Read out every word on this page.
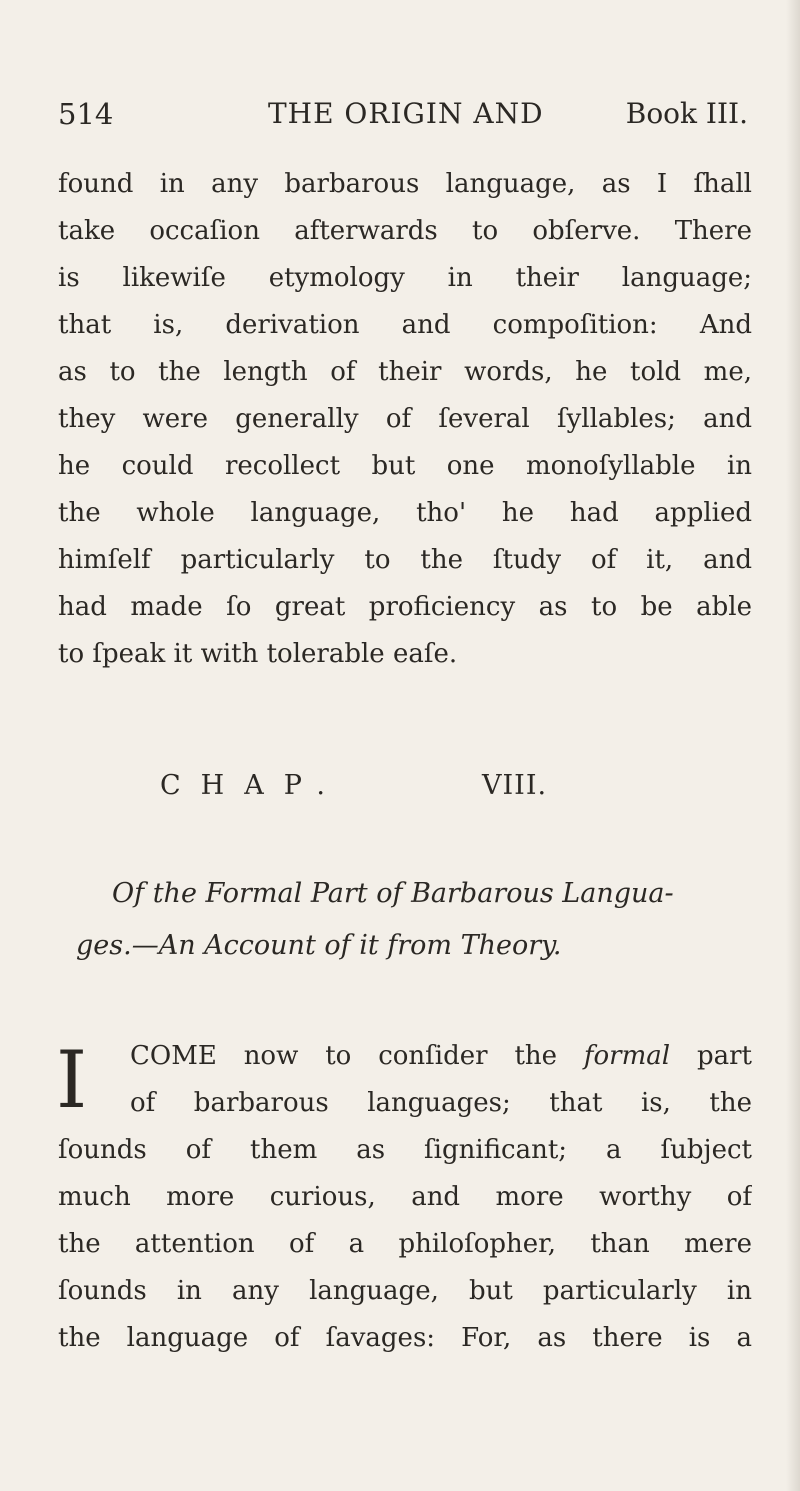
514	THE ORIGIN AND	Book III.
found in any barbarous language, as I ſhall
take occaſion afterwards to obſerve. There
is likewiſe etymology in their language;
that is, derivation and compoſition: And
as to the length of their words, he told me,
they were generally of ſeveral ſyllables; and
he could recollect but one monoſyllable in
the whole language, tho' he had applied
himſelf particularly to the ſtudy of it, and
had made ſo great proficiency as to be able
to ſpeak it with tolerable eaſe.
CHAP.	VIII.
Of the Formal Part of Barbarous Langua-
ges.—An Account of it from Theory.
I COME now to conſider the formal part
of barbarous languages; that is, the
ſounds of them as ſignificant; a ſubject
much more curious, and more worthy of
the attention of a philoſopher, than mere
ſounds in any language, but particularly in
the language of ſavages: For, as there is a
